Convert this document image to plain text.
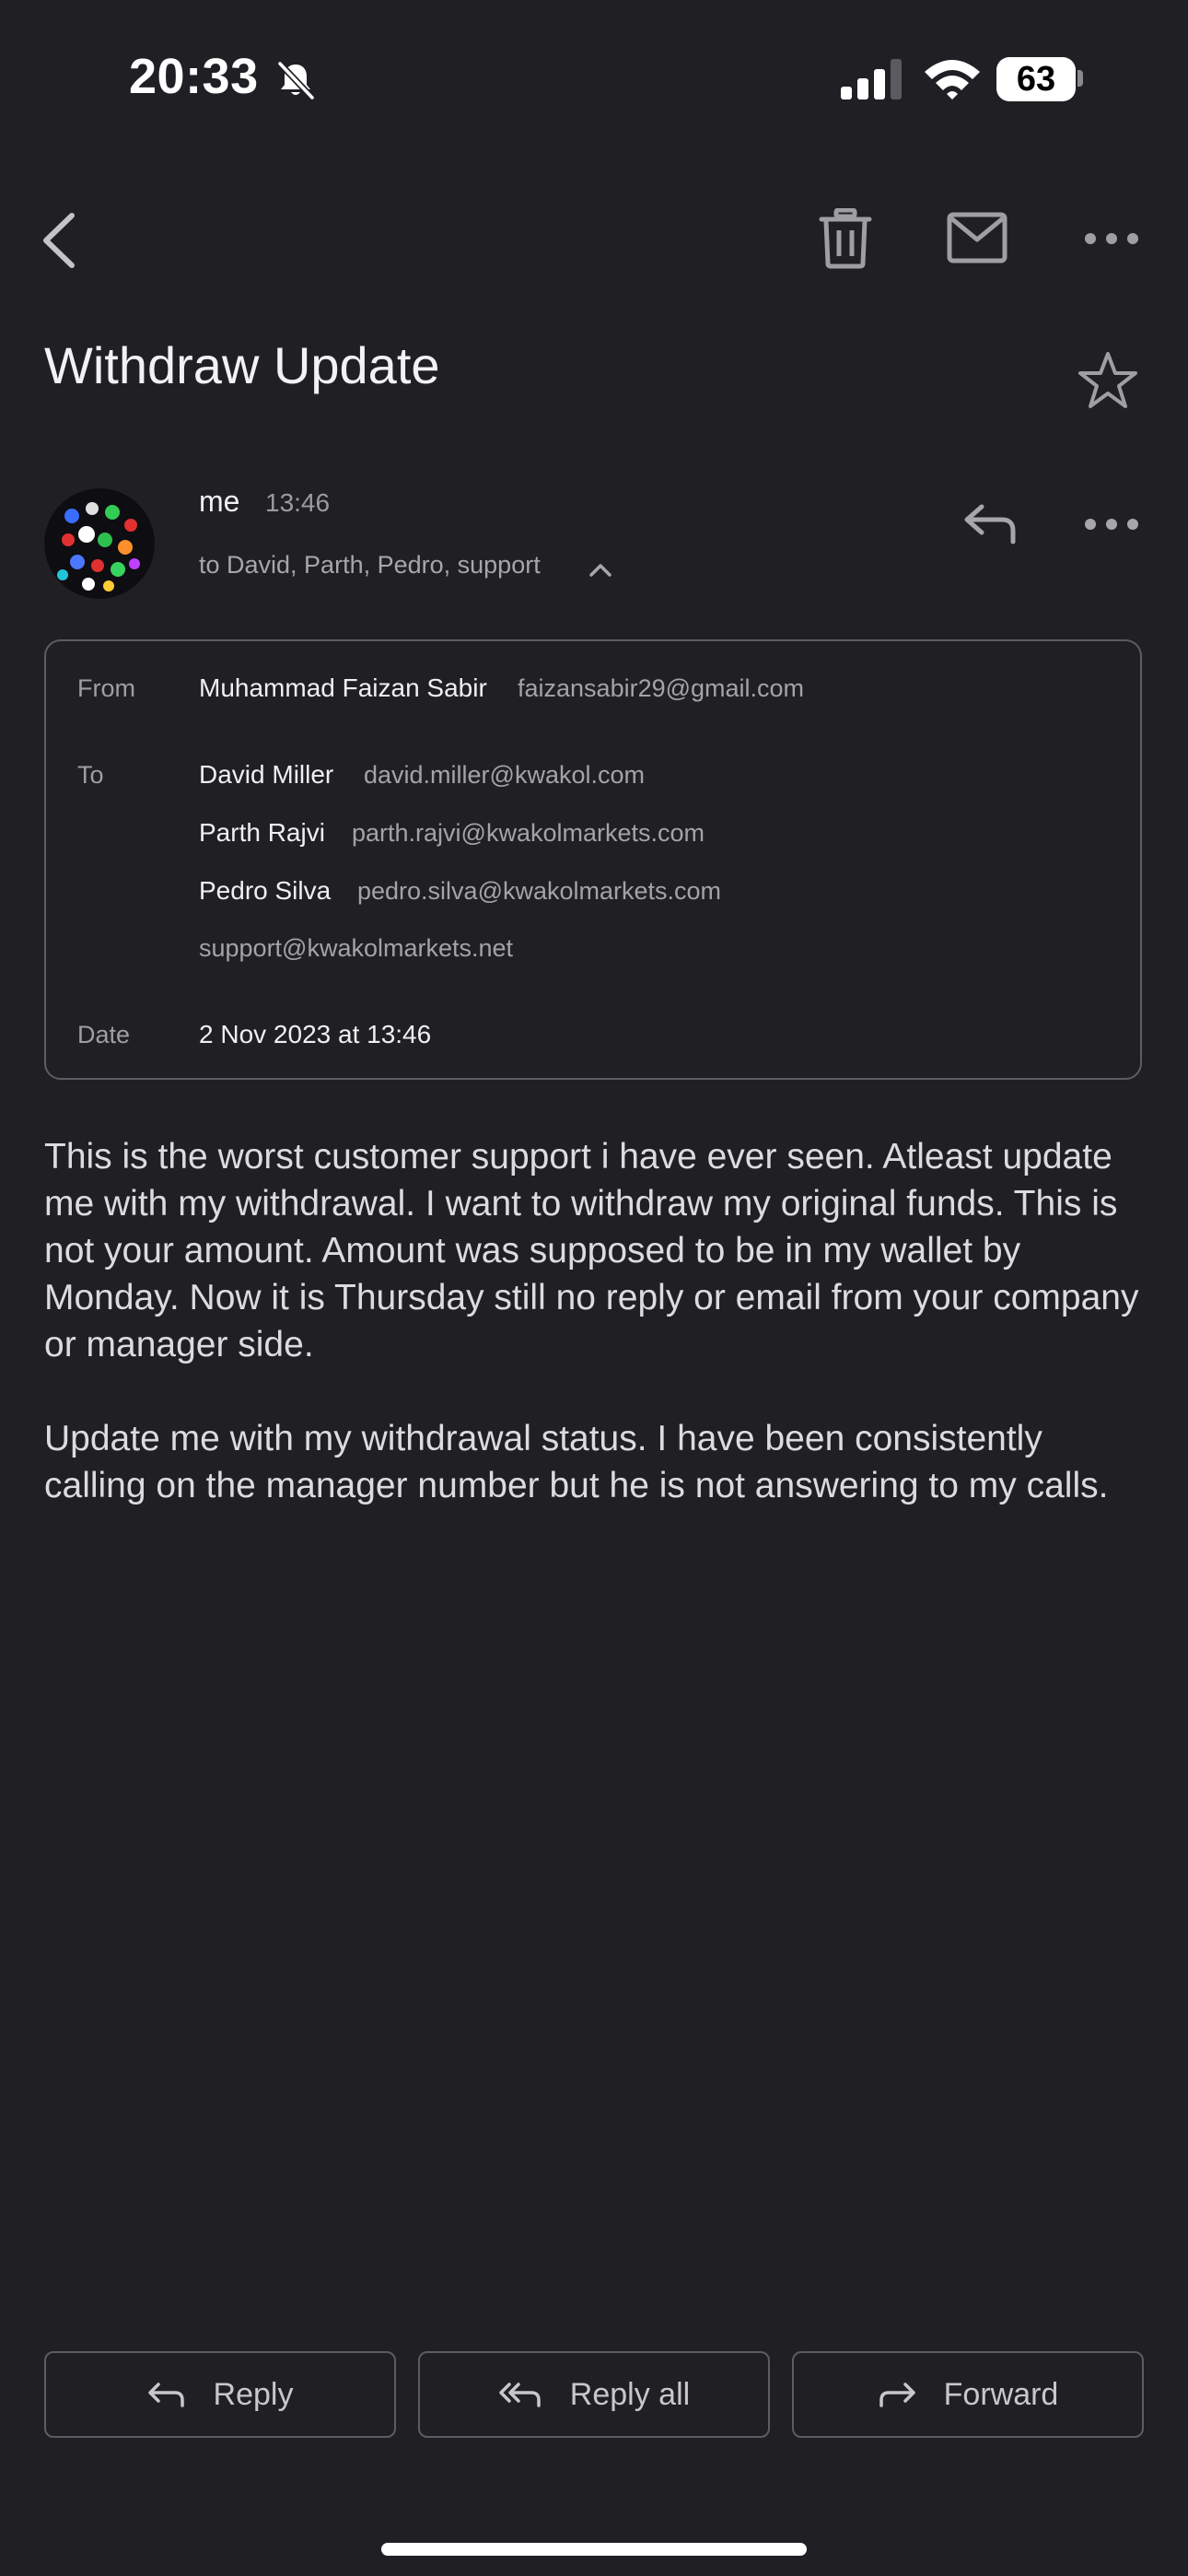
20:33	63
Withdraw Update
me 13:46
to David, Parth, Pedro, support
From Muhammad Faizan Sabir faizansabir29@gmail.com
To	David Miller david.miller@kwakol.com
Parth Rajvi parth.rajvi@kwakolmarkets.com
Pedro Silva pedro.silva@kwakolmarkets.com
support@kwakolmarkets.net
Date	2 Nov 2023 at 13:46
This is the worst customer support i have ever seen. Atleast update me with my withdrawal. I want to withdraw my original funds. This is not your amount. Amount was supposed to be in my wallet by Monday. Now it is Thursday still no reply or email from your company or manager side.
Update me with my withdrawal status. I have been consistently calling on the manager number but he is not answering to my calls.
Reply	Reply all	Forward
